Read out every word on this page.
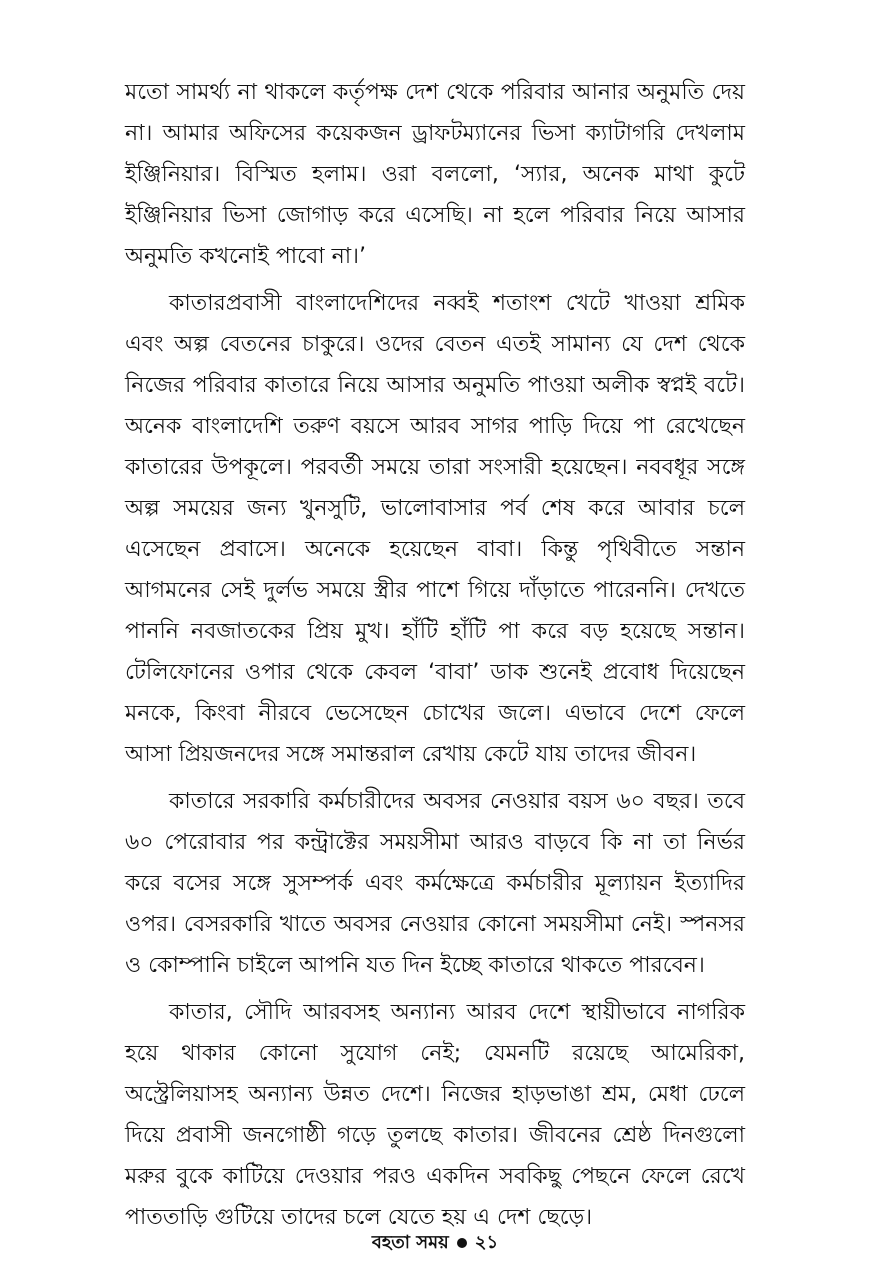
মতো সামর্থ্য না থাকলে কর্তৃপক্ষ দেশ থেকে পরিবার আনার অনুমতি দেয় না। আমার অফিসের কয়েকজন ড্রাফটম্যানের ভিসা ক্যাটাগরি দেখলাম ইঞ্জিনিয়ার। বিস্মিত হলাম। ওরা বললো, ‘স্যার, অনেক মাথা কুটে ইঞ্জিনিয়ার ভিসা জোগাড় করে এসেছি। না হলে পরিবার নিয়ে আসার অনুমতি কখনোই পাবো না।’

কাতারপ্রবাসী বাংলাদেশিদের নব্বই শতাংশ খেটে খাওয়া শ্রমিক এবং অল্প বেতনের চাকুরে। ওদের বেতন এতই সামান্য যে দেশ থেকে নিজের পরিবার কাতারে নিয়ে আসার অনুমতি পাওয়া অলীক স্বপ্নই বটে। অনেক বাংলাদেশি তরুণ বয়সে আরব সাগর পাড়ি দিয়ে পা রেখেছেন কাতারের উপকূলে। পরবর্তী সময়ে তারা সংসারী হয়েছেন। নববধূর সঙ্গে অল্প সময়ের জন্য খুনসুটি, ভালোবাসার পর্ব শেষ করে আবার চলে এসেছেন প্রবাসে। অনেকে হয়েছেন বাবা। কিন্তু পৃথিবীতে সন্তান আগমনের সেই দুর্লভ সময়ে স্ত্রীর পাশে গিয়ে দাঁড়াতে পারেননি। দেখতে পাননি নবজাতকের প্রিয় মুখ। হাঁটি হাঁটি পা করে বড় হয়েছে সন্তান। টেলিফোনের ওপার থেকে কেবল ‘বাবা’ ডাক শুনেই প্রবোধ দিয়েছেন মনকে, কিংবা নীরবে ভেসেছেন চোখের জলে। এভাবে দেশে ফেলে আসা প্রিয়জনদের সঙ্গে সমান্তরাল রেখায় কেটে যায় তাদের জীবন।

কাতারে সরকারি কর্মচারীদের অবসর নেওয়ার বয়স ৬০ বছর। তবে ৬০ পেরোবার পর কন্ট্রাক্টের সময়সীমা আরও বাড়বে কি না তা নির্ভর করে বসের সঙ্গে সুসম্পর্ক এবং কর্মক্ষেত্রে কর্মচারীর মূল্যায়ন ইত্যাদির ওপর। বেসরকারি খাতে অবসর নেওয়ার কোনো সময়সীমা নেই। স্পনসর ও কোম্পানি চাইলে আপনি যত দিন ইচ্ছে কাতারে থাকতে পারবেন।

কাতার, সৌদি আরবসহ অন্যান্য আরব দেশে স্থায়ীভাবে নাগরিক হয়ে থাকার কোনো সুযোগ নেই; যেমনটি রয়েছে আমেরিকা, অস্ট্রেলিয়াসহ অন্যান্য উন্নত দেশে। নিজের হাড়ভাঙা শ্রম, মেধা ঢেলে দিয়ে প্রবাসী জনগোষ্ঠী গড়ে তুলছে কাতার। জীবনের শ্রেষ্ঠ দিনগুলো মরুর বুকে কাটিয়ে দেওয়ার পরও একদিন সবকিছু পেছনে ফেলে রেখে পাততাড়ি গুটিয়ে তাদের চলে যেতে হয় এ দেশ ছেড়ে।

বহতা সময় ২১
